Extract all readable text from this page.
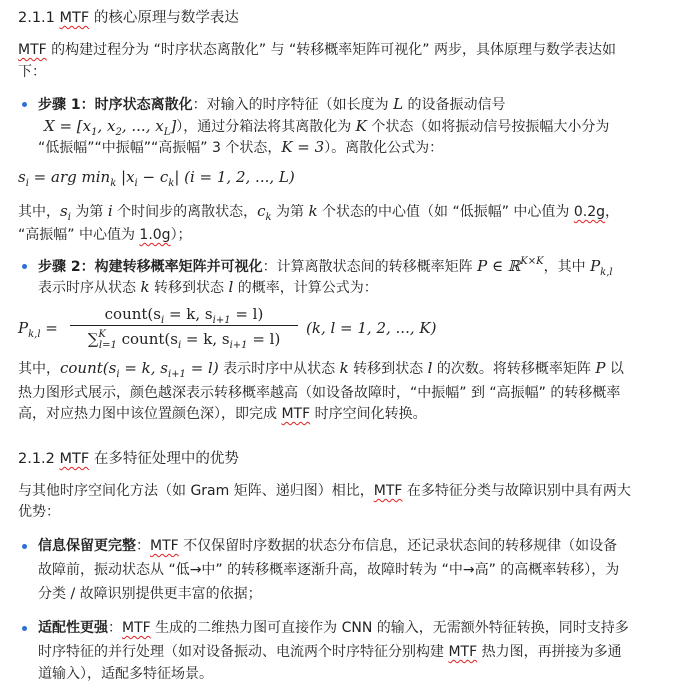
2.1.1 MTF 的核心原理与数学表达
MTF 的构建过程分为 “时序状态离散化” 与 “转移概率矩阵可视化” 两步，具体原理与数学表达如
下：
步骤 1：时序状态离散化：对输入的时序特征（如长度为 L 的设备振动信号
$X = [x_1$, $x_2$, ..., $x_L$]），通过分箱法将其离散化为 K 个状态（如将振动信号按振幅大小分为
“低振幅”“中振幅”“高振幅” 3 个状态，K = 3）。离散化公式为：
$s_i$ = arg $\min_k |x_i - c_k|$ (i = 1, 2, ..., L)
其中，$s_i$ 为第 i 个时间步的离散状态，$c_k$ 为第 k 个状态的中心值（如 “低振幅” 中心值为 0.2g，
“高振幅” 中心值为 1.0g）；
步骤 2：构建转移概率矩阵并可视化：计算离散状态间的转移概率矩阵 P ∈ ℝ$^{K\times K}$，其中 $P_{k,l}$
表示时序从状态 k 转移到状态 l 的概率，计算公式为：
其中，$count(s_i = k$, $s_{i+1} = l$) 表示时序中从状态 k 转移到状态 l 的次数。将转移概率矩阵 P 以
热力图形式展示，颜色越深表示转移概率越高（如设备故障时，“中振幅” 到 “高振幅” 的转移概率
高，对应热力图中该位置颜色深），即完成 MTF 时序空间化转换。
2.1.2 MTF 在多特征处理中的优势
与其他时序空间化方法（如 Gram 矩阵、递归图）相比，MTF 在多特征分类与故障识别中具有两大
优势：
信息保留更完整：MTF 不仅保留时序数据的状态分布信息，还记录状态间的转移规律（如设备
故障前，振动状态从 “低→中” 的转移概率逐渐升高，故障时转为 “中→高” 的高概率转移），为
分类 / 故障识别提供更丰富的依据；
适配性更强：MTF 生成的二维热力图可直接作为 CNN 的输入，无需额外特征转换，同时支持多
时序特征的并行处理（如对设备振动、电流两个时序特征分别构建 MTF 热力图，再拼接为多通
道输入），适配多特征场景。
$P_{k,l}$ =
$count(s_i = k$, $s_{i+1} = l$)
∑$^K_{l=1}$ $count(s_i = k$, $s_{i+1} = l$)
(k, l = 1, 2, ..., K)
